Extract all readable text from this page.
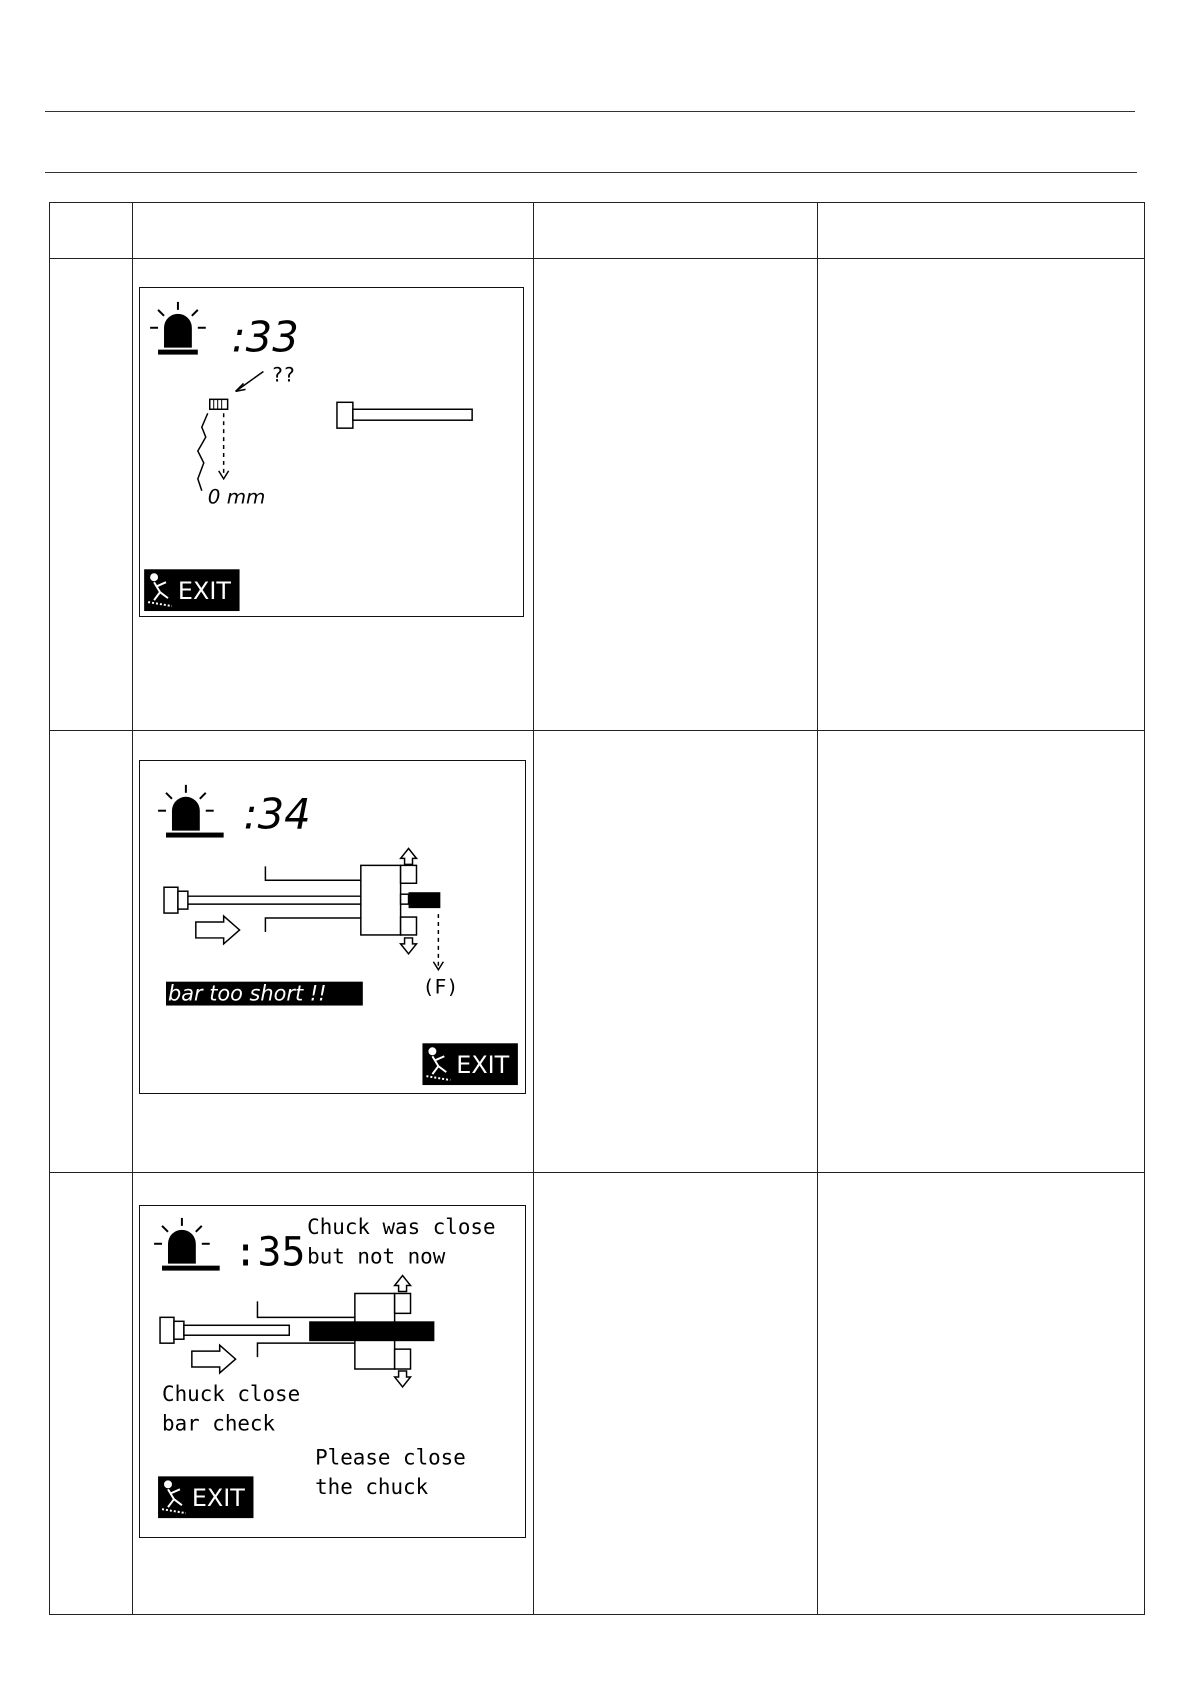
:33
??
0 mm
EXIT
:34
(F)
bar too short !!
EXIT
:35
Chuck was close
but not now
Chuck close
bar check
Please close
the chuck
EXIT
